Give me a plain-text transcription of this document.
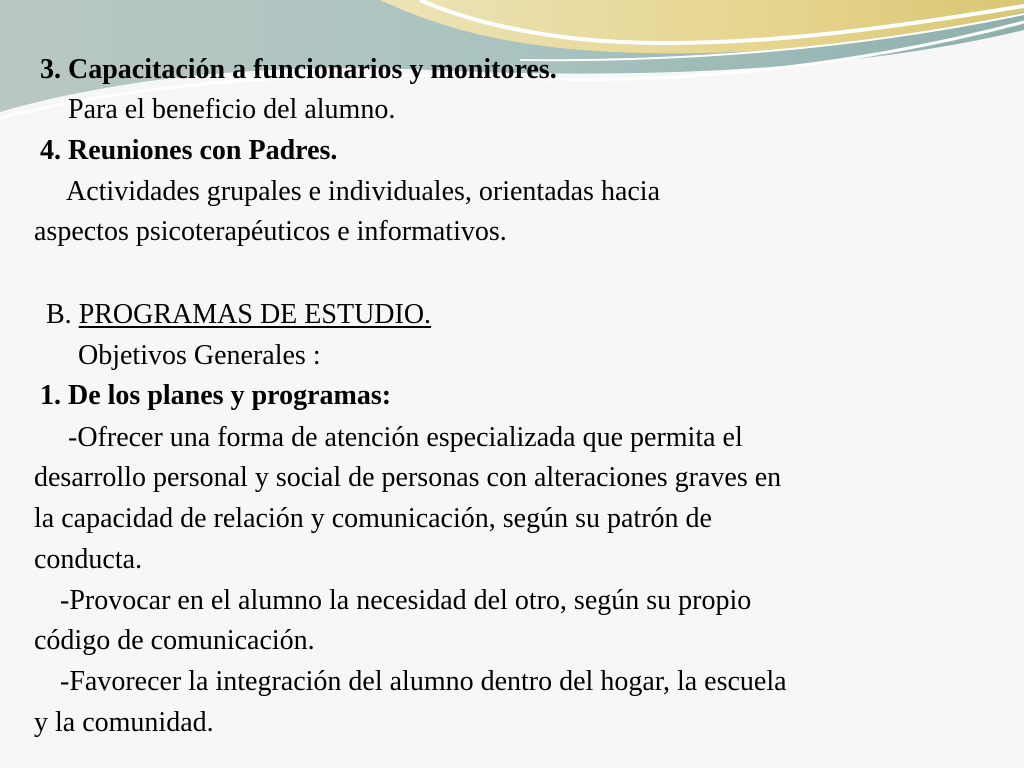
3. Capacitación a funcionarios y monitores.
Para el beneficio del alumno.
4. Reuniones con Padres.
Actividades grupales e individuales, orientadas hacia
aspectos psicoterapéuticos e informativos.
B. PROGRAMAS DE ESTUDIO.
Objetivos Generales :
1. De los planes y programas:
-Ofrecer una forma de atención especializada que permita el
desarrollo personal y social de personas con alteraciones graves en
la capacidad de relación y comunicación, según su patrón de
conducta.
-Provocar en el alumno la necesidad del otro, según su propio
código de comunicación.
-Favorecer la integración del alumno dentro del hogar, la escuela
y la comunidad.
